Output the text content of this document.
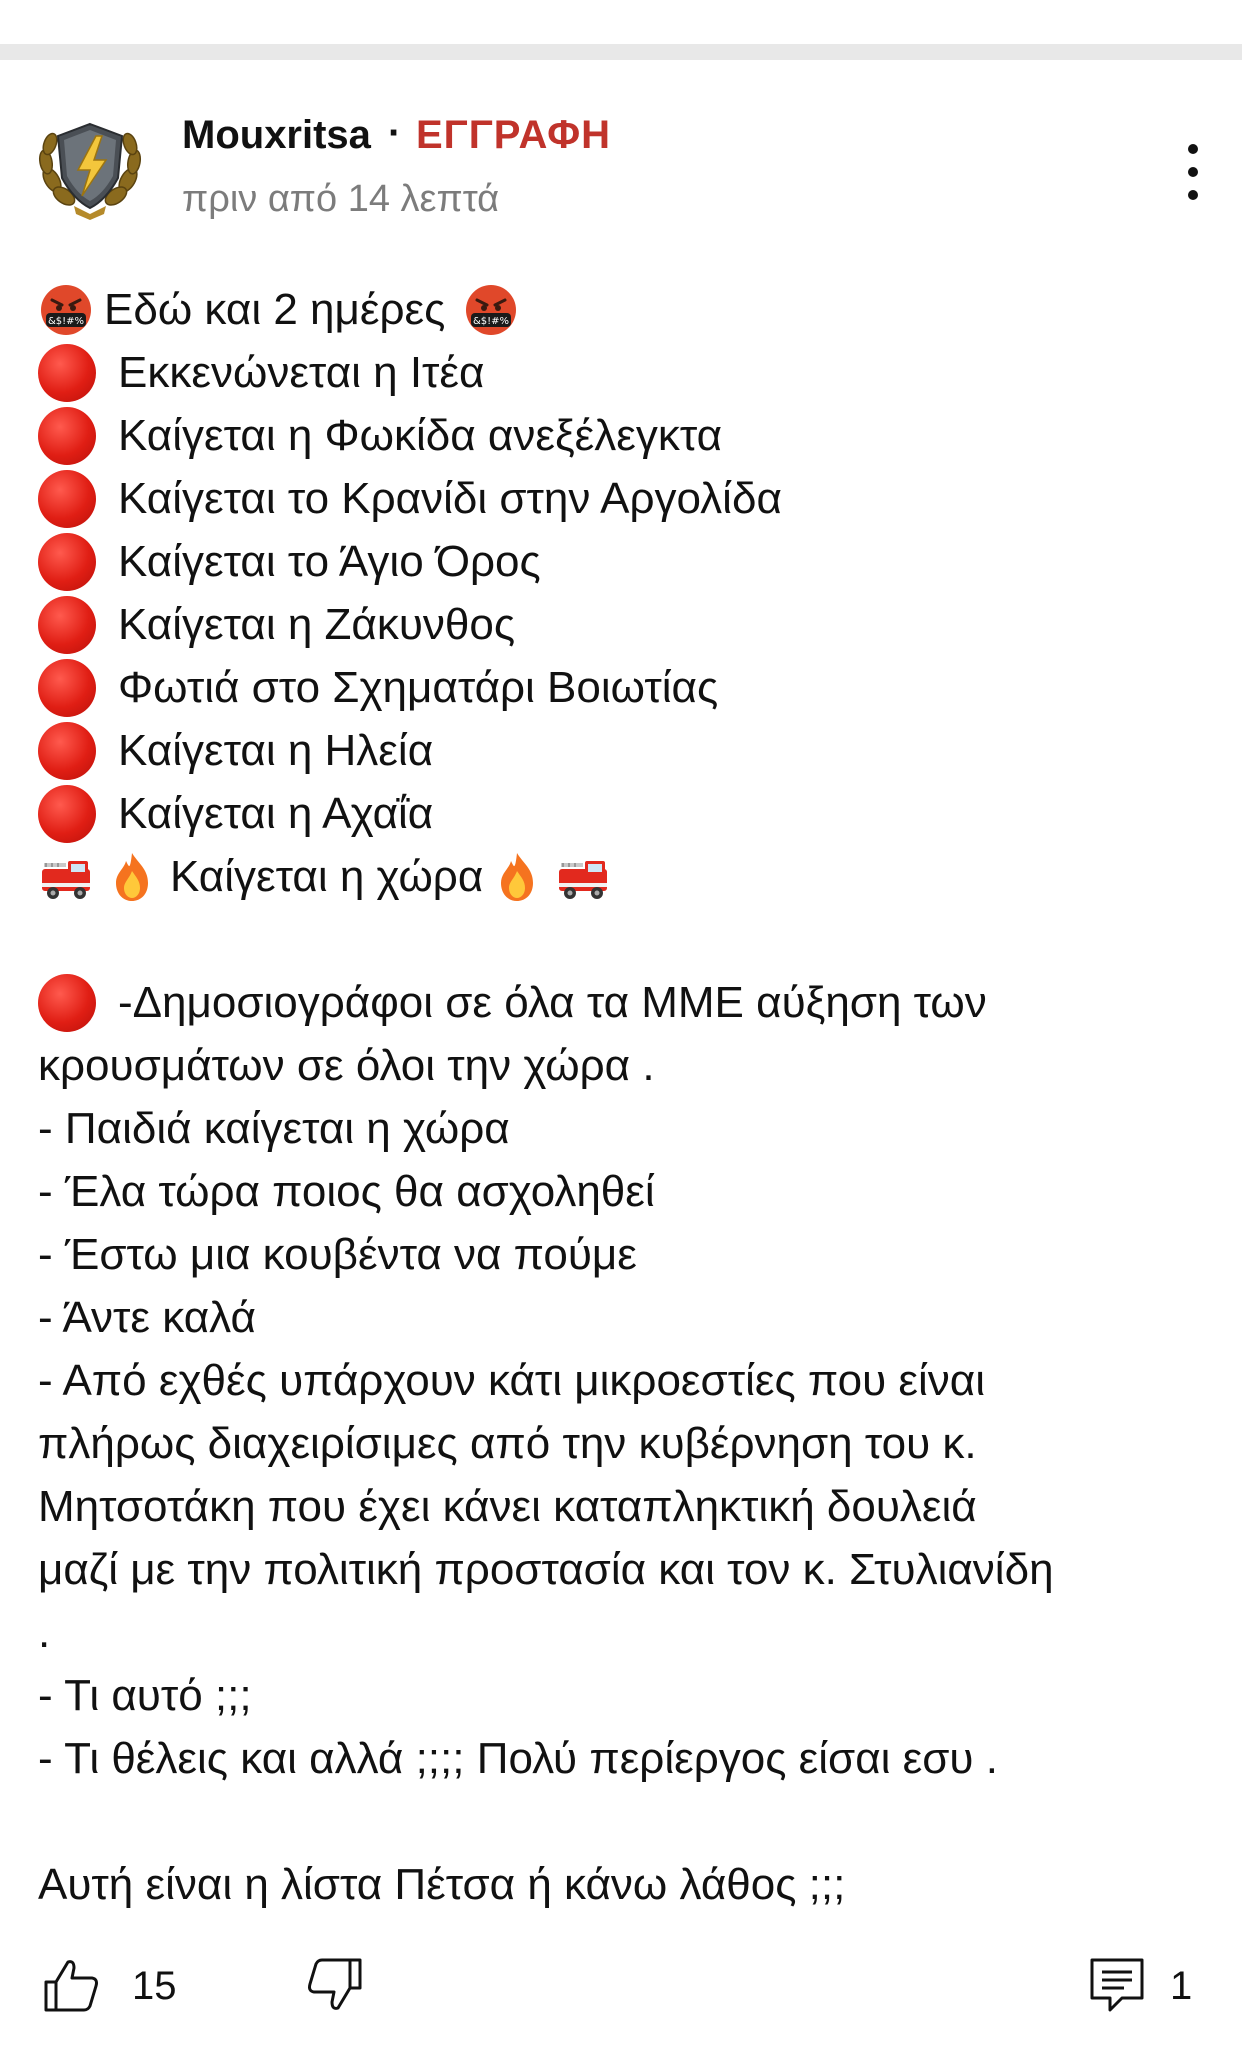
Mouxritsa · ΕΓΓΡΑΦΗ
πριν από 14 λεπτά
&$!#% Εδώ και 2 ημέρες	&$!#%
Εκκενώνεται η Ιτέα
Καίγεται η Φωκίδα ανεξέλεγκτα
Καίγεται το Κρανίδι στην Αργολίδα
Καίγεται το Άγιο Όρος
Καίγεται η Ζάκυνθος
Φωτιά στο Σχηματάρι Βοιωτίας
Καίγεται η Ηλεία
Καίγεται η Αχαΐα
Καίγεται η χώρα
-Δημοσιογράφοι σε όλα τα ΜΜΕ αύξηση των
κρουσμάτων σε όλοι την χώρα .
- Παιδιά καίγεται η χώρα
- Έλα τώρα ποιος θα ασχοληθεί
- Έστω μια κουβέντα να πούμε
- Άντε καλά
- Από εχθές υπάρχουν κάτι μικροεστίες που είναι
πλήρως διαχειρίσιμες από την κυβέρνηση του κ.
Μητσοτάκη που έχει κάνει καταπληκτική δουλειά
μαζί με την πολιτική προστασία και τον κ. Στυλιανίδη
.
- Τι αυτό ;;;
- Τι θέλεις και αλλά ;;;; Πολύ περίεργος είσαι εσυ .
Αυτή είναι η λίστα Πέτσα ή κάνω λάθος ;;;
15	1
